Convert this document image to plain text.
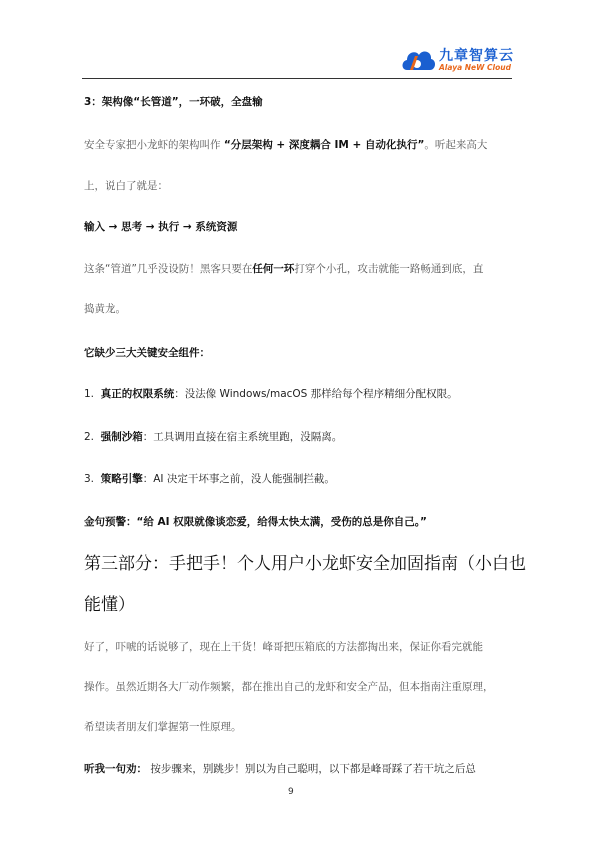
九章智算云
Alaya NeW Cloud
3：架构像“长管道”，一环破，全盘输
安全专家把小龙虾的架构叫作 “分层架构 + 深度耦合 IM + 自动化执行”。听起来高大
上，说白了就是：
输入 → 思考 → 执行 → 系统资源
这条“管道”几乎没设防！黑客只要在任何一环打穿个小孔，攻击就能一路畅通到底，直
捣黄龙。
它缺少三大关键安全组件：
1. 真正的权限系统：没法像 Windows/macOS 那样给每个程序精细分配权限。
2. 强制沙箱：工具调用直接在宿主系统里跑，没隔离。
3. 策略引擎：AI 决定干坏事之前，没人能强制拦截。
金句预警：“给 AI 权限就像谈恋爱，给得太快太满，受伤的总是你自己。”
第三部分：手把手！个人用户小龙虾安全加固指南（小白也
能懂）
好了，吓唬的话说够了，现在上干货！峰哥把压箱底的方法都掏出来，保证你看完就能
操作。虽然近期各大厂动作频繁，都在推出自己的龙虾和安全产品，但本指南注重原理，
希望读者朋友们掌握第一性原理。
听我一句劝： 按步骤来，别跳步！别以为自己聪明，以下都是峰哥踩了若干坑之后总
9
